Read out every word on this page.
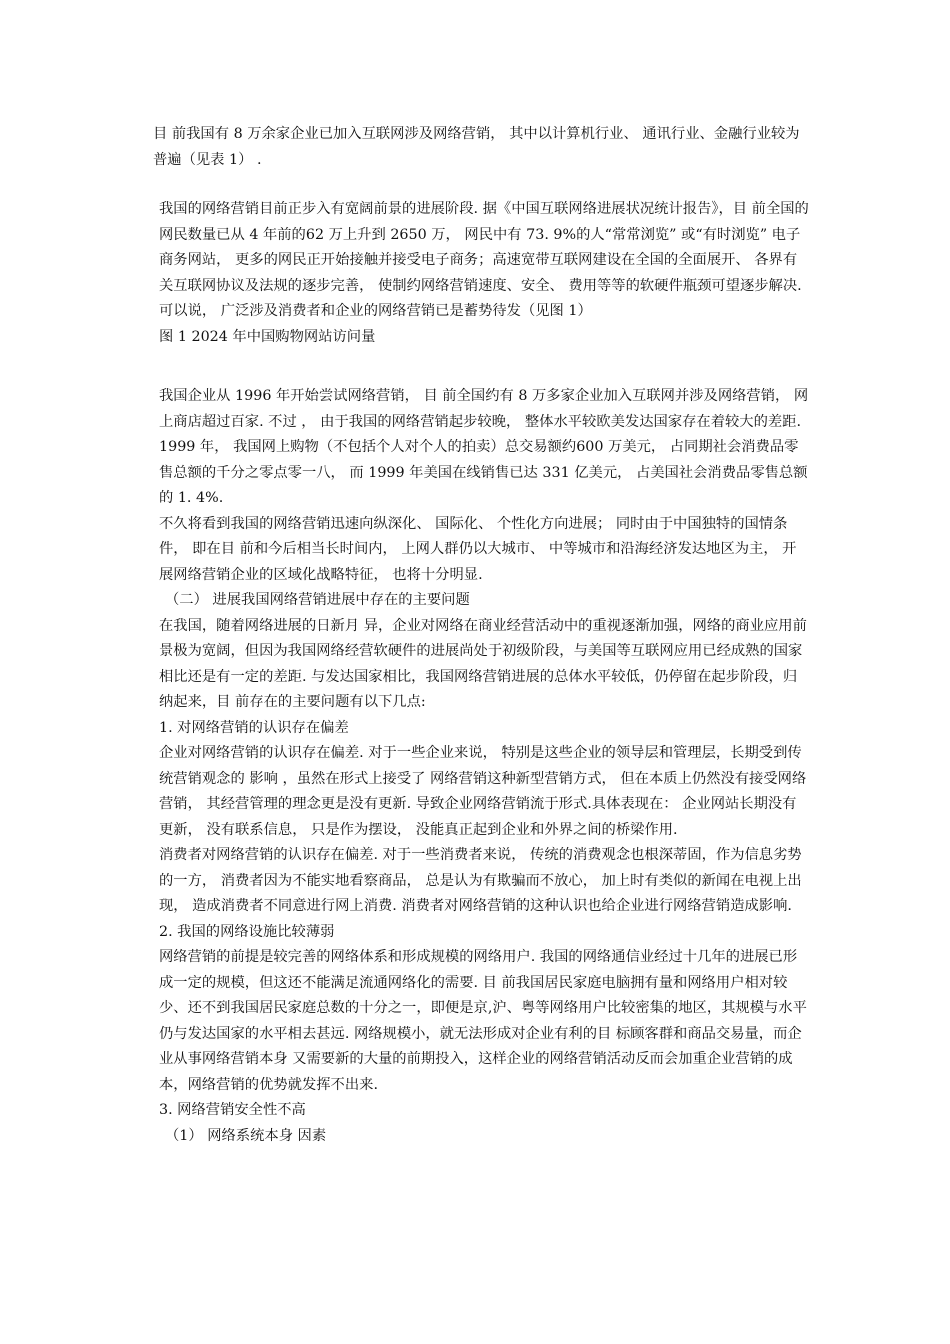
目 前我国有 8 万余家企业已加入互联网涉及网络营销， 其中以计算机行业、 通讯行业、金融行业较为普遍（见表 1） .

我国的网络营销目前正步入有宽阔前景的进展阶段. 据《中国互联网络进展状况统计报告》，目 前全国的网民数量已从 4 年前的62 万上升到 2650 万， 网民中有 73. 9%的人“常常浏览” 或“有时浏览” 电子商务网站， 更多的网民正开始接触并接受电子商务；高速宽带互联网建设在全国的全面展开、 各界有关互联网协议及法规的逐步完善， 使制约网络营销速度、安全、 费用等等的软硬件瓶颈可望逐步解决. 可以说， 广泛涉及消费者和企业的网络营销已是蓄势待发（见图 1）

图 1 2024 年中国购物网站访问量

我国企业从 1996 年开始尝试网络营销， 目 前全国约有 8 万多家企业加入互联网并涉及网络营销， 网上商店超过百家. 不过 ， 由于我国的网络营销起步较晚， 整体水平较欧美发达国家存在着较大的差距. 1999 年， 我国网上购物（不包括个人对个人的拍卖）总交易额约600 万美元， 占同期社会消费品零售总额的千分之零点零一八， 而 1999 年美国在线销售已达 331 亿美元， 占美国社会消费品零售总额的 1. 4%.

不久将看到我国的网络营销迅速向纵深化、 国际化、 个性化方向进展； 同时由于中国独特的国情条件， 即在目 前和今后相当长时间内， 上网人群仍以大城市、 中等城市和沿海经济发达地区为主， 开展网络营销企业的区域化战略特征， 也将十分明显.

（二） 进展我国网络营销进展中存在的主要问题

在我国，随着网络进展的日新月 异，企业对网络在商业经营活动中的重视逐渐加强，网络的商业应用前景极为宽阔，但因为我国网络经营软硬件的进展尚处于初级阶段，与美国等互联网应用已经成熟的国家相比还是有一定的差距. 与发达国家相比，我国网络营销进展的总体水平较低，仍停留在起步阶段，归纳起来，目 前存在的主要问题有以下几点:

1. 对网络营销的认识存在偏差

企业对网络营销的认识存在偏差. 对于一些企业来说， 特别是这些企业的领导层和管理层，长期受到传统营销观念的 影响 ，虽然在形式上接受了 网络营销这种新型营销方式， 但在本质上仍然没有接受网络营销， 其经营管理的理念更是没有更新. 导致企业网络营销流于形式.具体表现在： 企业网站长期没有更新， 没有联系信息， 只是作为摆设， 没能真正起到企业和外界之间的桥梁作用.

消费者对网络营销的认识存在偏差. 对于一些消费者来说， 传统的消费观念也根深蒂固，作为信息劣势的一方， 消费者因为不能实地看察商品， 总是认为有欺骗而不放心， 加上时有类似的新闻在电视上出现， 造成消费者不同意进行网上消费. 消费者对网络营销的这种认识也给企业进行网络营销造成影响.

2. 我国的网络设施比较薄弱

网络营销的前提是较完善的网络体系和形成规模的网络用户. 我国的网络通信业经过十几年的进展已形成一定的规模，但这还不能满足流通网络化的需要. 目 前我国居民家庭电脑拥有量和网络用户相对较少、还不到我国居民家庭总数的十分之一，即便是京,沪、粤等网络用户比较密集的地区，其规模与水平仍与发达国家的水平相去甚远. 网络规模小，就无法形成对企业有利的目 标顾客群和商品交易量，而企业从事网络营销本身 又需要新的大量的前期投入，这样企业的网络营销活动反而会加重企业营销的成本，网络营销的优势就发挥不出来.

3. 网络营销安全性不高

（1） 网络系统本身 因素
